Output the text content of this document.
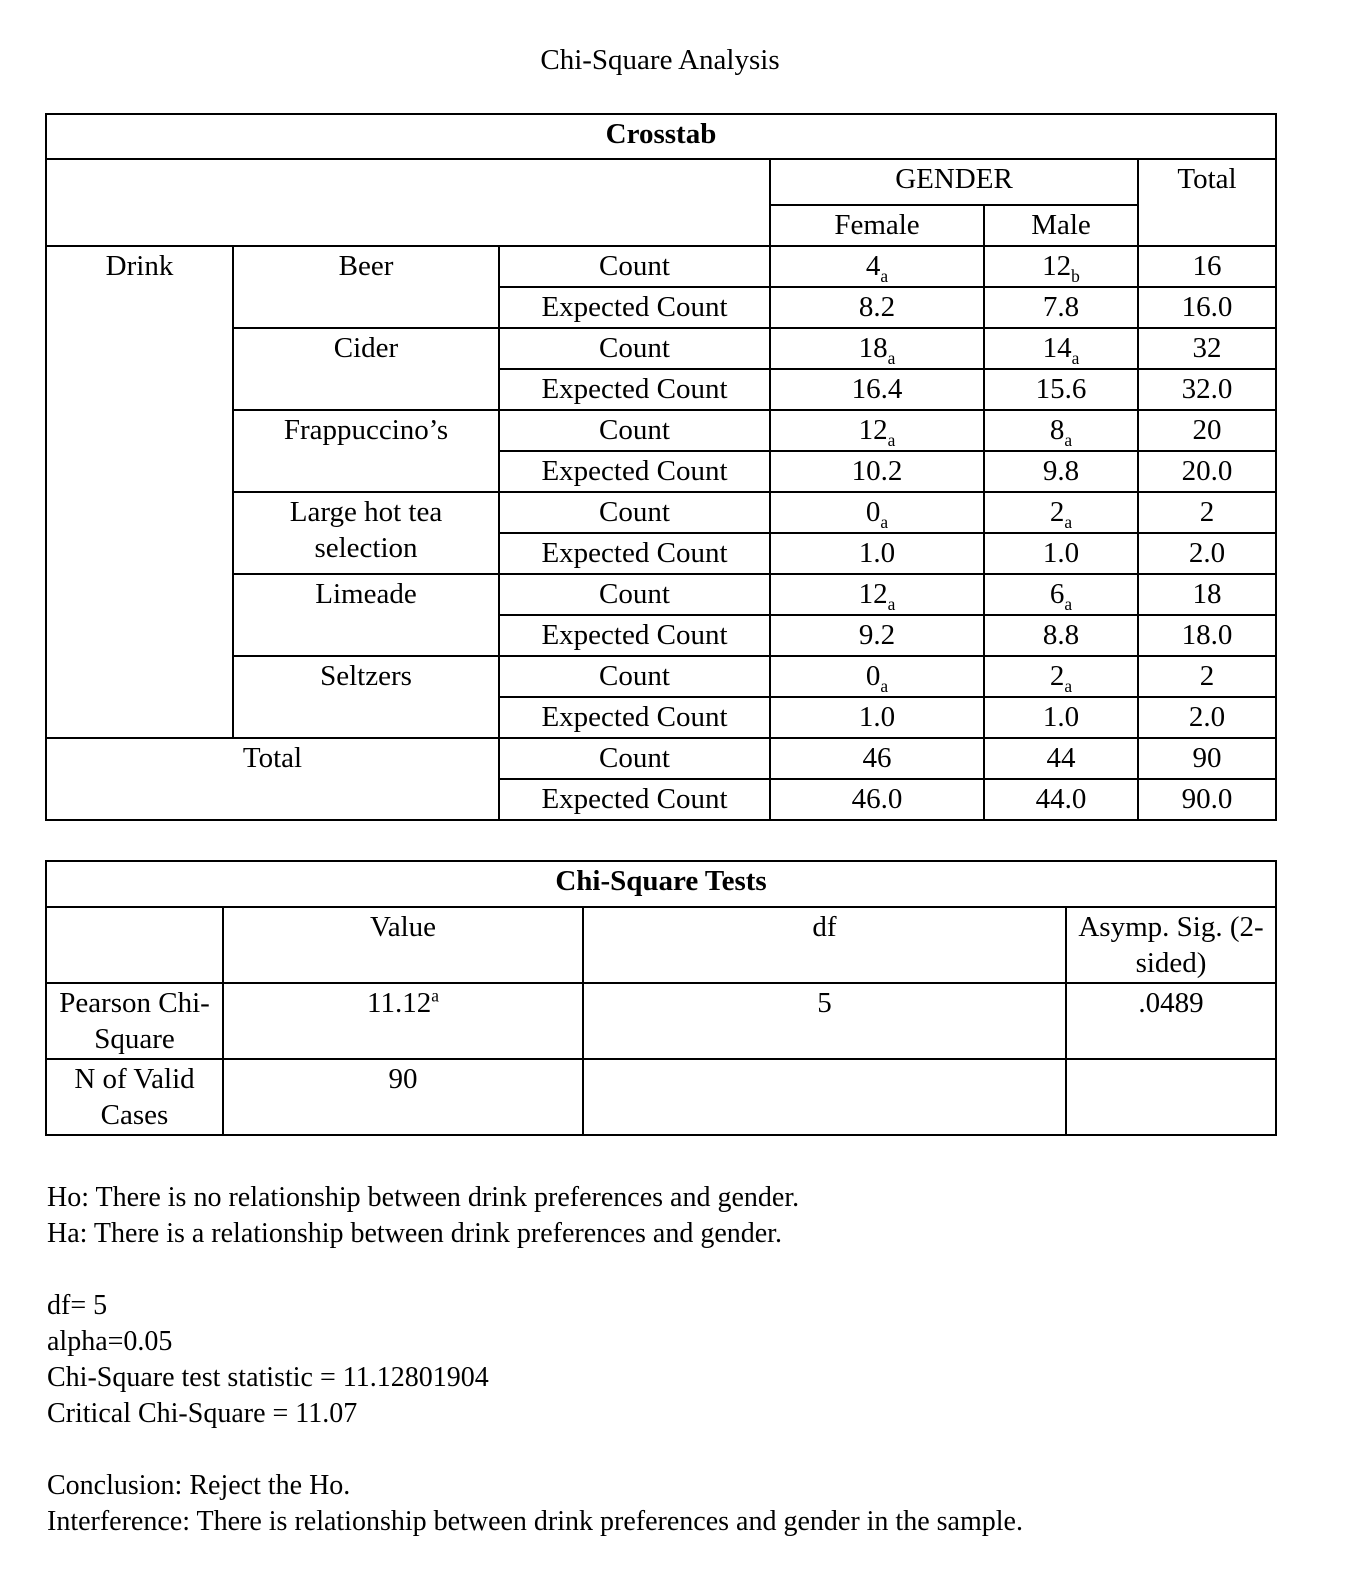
Chi-Square Analysis
Crosstab					
			GENDER		Total
			Female	Male	
Drink	Beer	Count	$4_a$	$12_b$	16
		Expected Count	8.2	7.8	16.0
	Cider	Count	$18_a$	$14_a$	32
		Expected Count	16.4	15.6	32.0
	Frappuccino’s	Count	$12_a$	$8_a$	20
		Expected Count	10.2	9.8	20.0
	Large hot tea selection	Count	$0_a$	$2_a$	2
		Expected Count	1.0	1.0	2.0
	Limeade	Count	$12_a$	$6_a$	18
		Expected Count	9.2	8.8	18.0
	Seltzers	Count	$0_a$	$2_a$	2
		Expected Count	1.0	1.0	2.0
Total		Count	46	44	90
		Expected Count	46.0	44.0	90.0
Chi-Square Tests			
	Value	df	Asymp. Sig. (2-sided)
Pearson Chi-Square	11.12$^a$	5	.0489
N of Valid Cases	90		
Ho: There is no relationship between drink preferences and gender.
Ha: There is a relationship between drink preferences and gender.
df= 5
alpha=0.05
Chi-Square test statistic = 11.12801904
Critical Chi-Square = 11.07
Conclusion: Reject the Ho.
Interference: There is relationship between drink preferences and gender in the sample.
